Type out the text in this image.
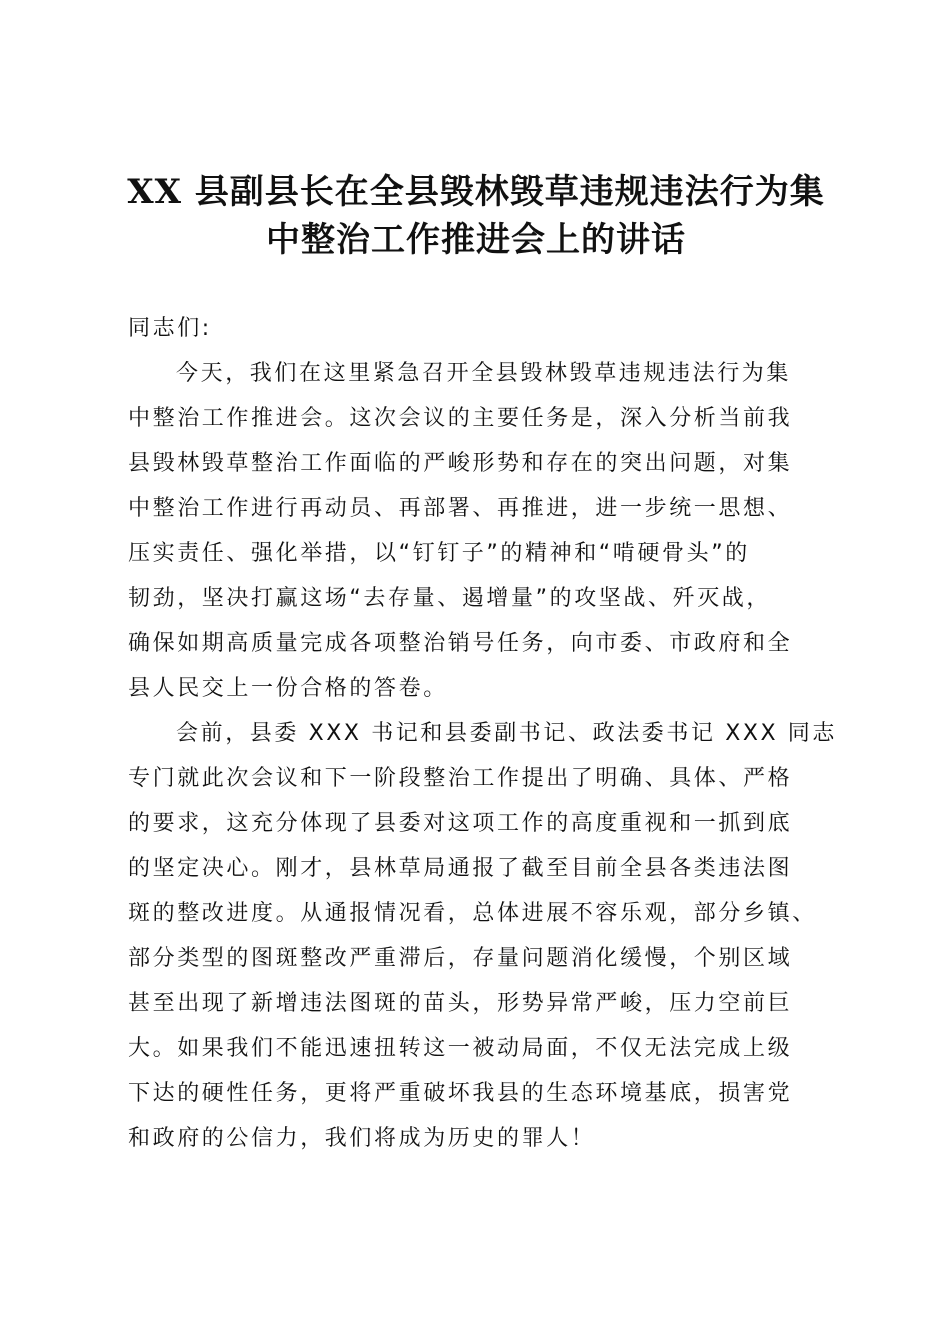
XX 县副县长在全县毁林毁草违规违法行为集
中整治工作推进会上的讲话

同志们:

今天，我们在这里紧急召开全县毁林毁草违规违法行为集
中整治工作推进会。这次会议的主要任务是，深入分析当前我
县毁林毁草整治工作面临的严峻形势和存在的突出问题，对集
中整治工作进行再动员、再部署、再推进，进一步统一思想、
压实责任、强化举措，以“钉钉子”的精神和“啃硬骨头”的
韧劲，坚决打赢这场“去存量、遏增量”的攻坚战、歼灭战，
确保如期高质量完成各项整治销号任务，向市委、市政府和全
县人民交上一份合格的答卷。

会前，县委 XXX 书记和县委副书记、政法委书记 XXX 同志
专门就此次会议和下一阶段整治工作提出了明确、具体、严格
的要求，这充分体现了县委对这项工作的高度重视和一抓到底
的坚定决心。刚才，县林草局通报了截至目前全县各类违法图
斑的整改进度。从通报情况看，总体进展不容乐观，部分乡镇、
部分类型的图斑整改严重滞后，存量问题消化缓慢，个别区域
甚至出现了新增违法图斑的苗头，形势异常严峻，压力空前巨
大。如果我们不能迅速扭转这一被动局面，不仅无法完成上级
下达的硬性任务，更将严重破坏我县的生态环境基底，损害党
和政府的公信力，我们将成为历史的罪人！
